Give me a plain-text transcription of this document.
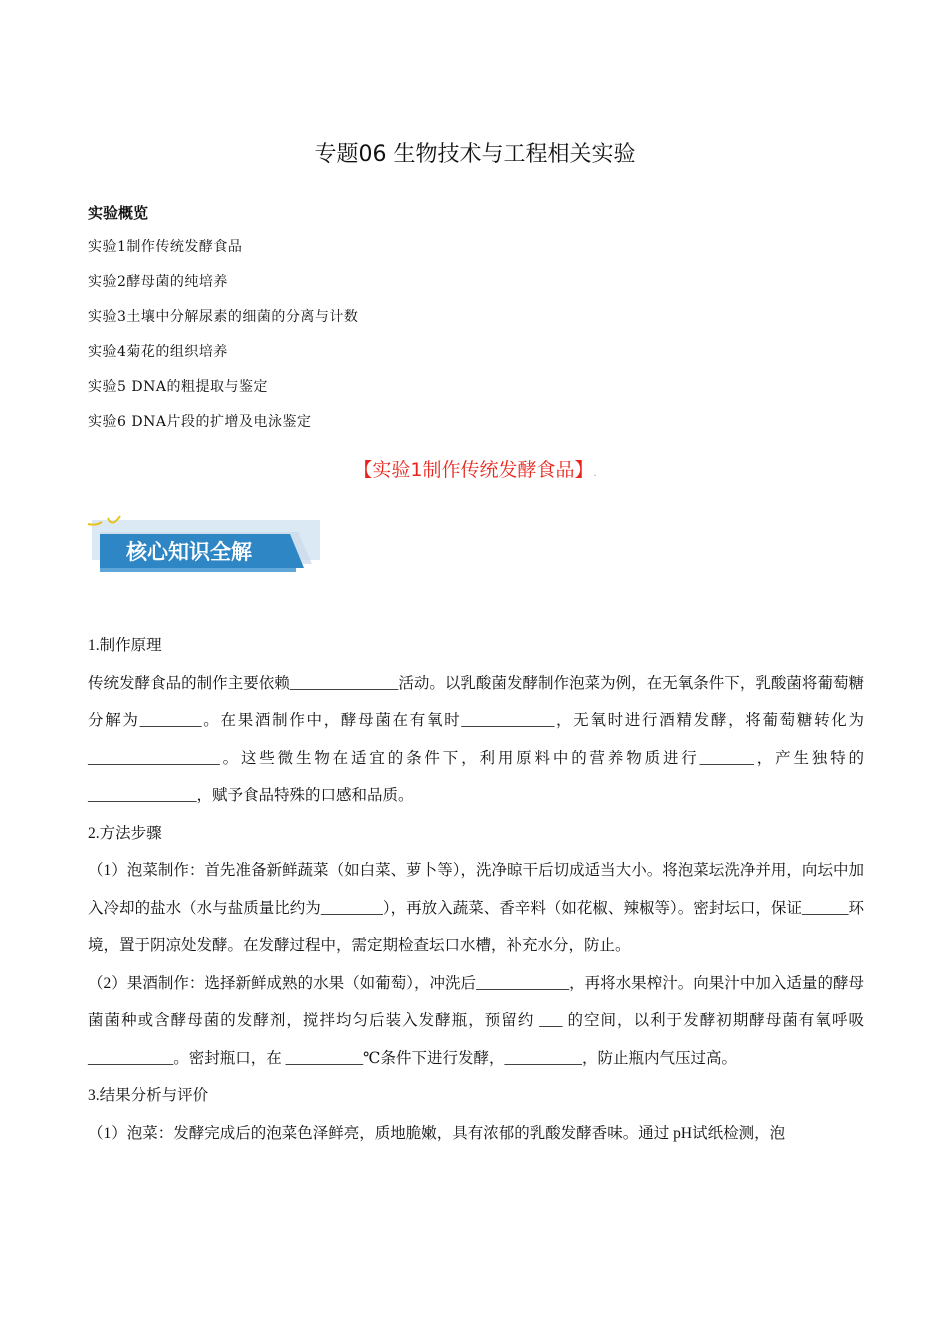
专题06 生物技术与工程相关实验
实验概览
实验1制作传统发酵食品
实验2酵母菌的纯培养
实验3土壤中分解尿素的细菌的分离与计数
实验4菊花的组织培养
实验5 DNA的粗提取与鉴定
实验6 DNA片段的扩增及电泳鉴定
【实验1制作传统发酵食品】.
核心知识全解

1.制作原理

传统发酵食品的制作主要依赖______________活动。以乳酸菌发酵制作泡菜为例，在无氧条件下，乳酸菌将葡萄糖分解为________。在果酒制作中，酵母菌在有氧时____________，无氧时进行酒精发酵，将葡萄糖转化为_________________。这些微生物在适宜的条件下，利用原料中的营养物质进行_______，产生独特的______________，赋予食品特殊的口感和品质。

2.方法步骤

（1）泡菜制作：首先准备新鲜蔬菜（如白菜、萝卜等），洗净晾干后切成适当大小。将泡菜坛洗净并用，向坛中加入冷却的盐水（水与盐质量比约为________），再放入蔬菜、香辛料（如花椒、辣椒等）。密封坛口，保证______环境，置于阴凉处发酵。在发酵过程中，需定期检查坛口水槽，补充水分，防止。

（2）果酒制作：选择新鲜成熟的水果（如葡萄），冲洗后____________，再将水果榨汁。向果汁中加入适量的酵母菌菌种或含酵母菌的发酵剂，搅拌均匀后装入发酵瓶，预留约 ___ 的空间，以利于发酵初期酵母菌有氧呼吸___________。密封瓶口，在 __________℃条件下进行发酵，__________，防止瓶内气压过高。

3.结果分析与评价

（1）泡菜：发酵完成后的泡菜色泽鲜亮，质地脆嫩，具有浓郁的乳酸发酵香味。通过 pH试纸检测，泡
